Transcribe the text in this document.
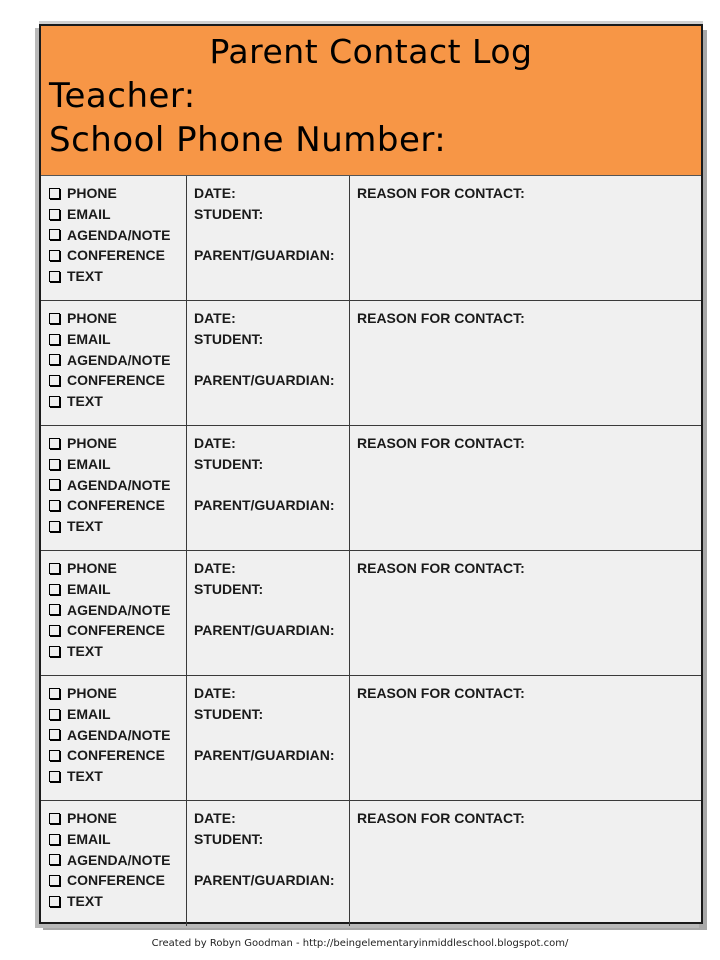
Parent Contact Log
Teacher:
School Phone Number:
PHONE
EMAIL
AGENDA/NOTE
CONFERENCE
TEXT
DATE:
STUDENT:
PARENT/GUARDIAN:
REASON FOR CONTACT:
PHONE
EMAIL
AGENDA/NOTE
CONFERENCE
TEXT
DATE:
STUDENT:
PARENT/GUARDIAN:
REASON FOR CONTACT:
PHONE
EMAIL
AGENDA/NOTE
CONFERENCE
TEXT
DATE:
STUDENT:
PARENT/GUARDIAN:
REASON FOR CONTACT:
PHONE
EMAIL
AGENDA/NOTE
CONFERENCE
TEXT
DATE:
STUDENT:
PARENT/GUARDIAN:
REASON FOR CONTACT:
PHONE
EMAIL
AGENDA/NOTE
CONFERENCE
TEXT
DATE:
STUDENT:
PARENT/GUARDIAN:
REASON FOR CONTACT:
PHONE
EMAIL
AGENDA/NOTE
CONFERENCE
TEXT
DATE:
STUDENT:
PARENT/GUARDIAN:
REASON FOR CONTACT:
Created by Robyn Goodman - http://beingelementaryinmiddleschool.blogspot.com/
